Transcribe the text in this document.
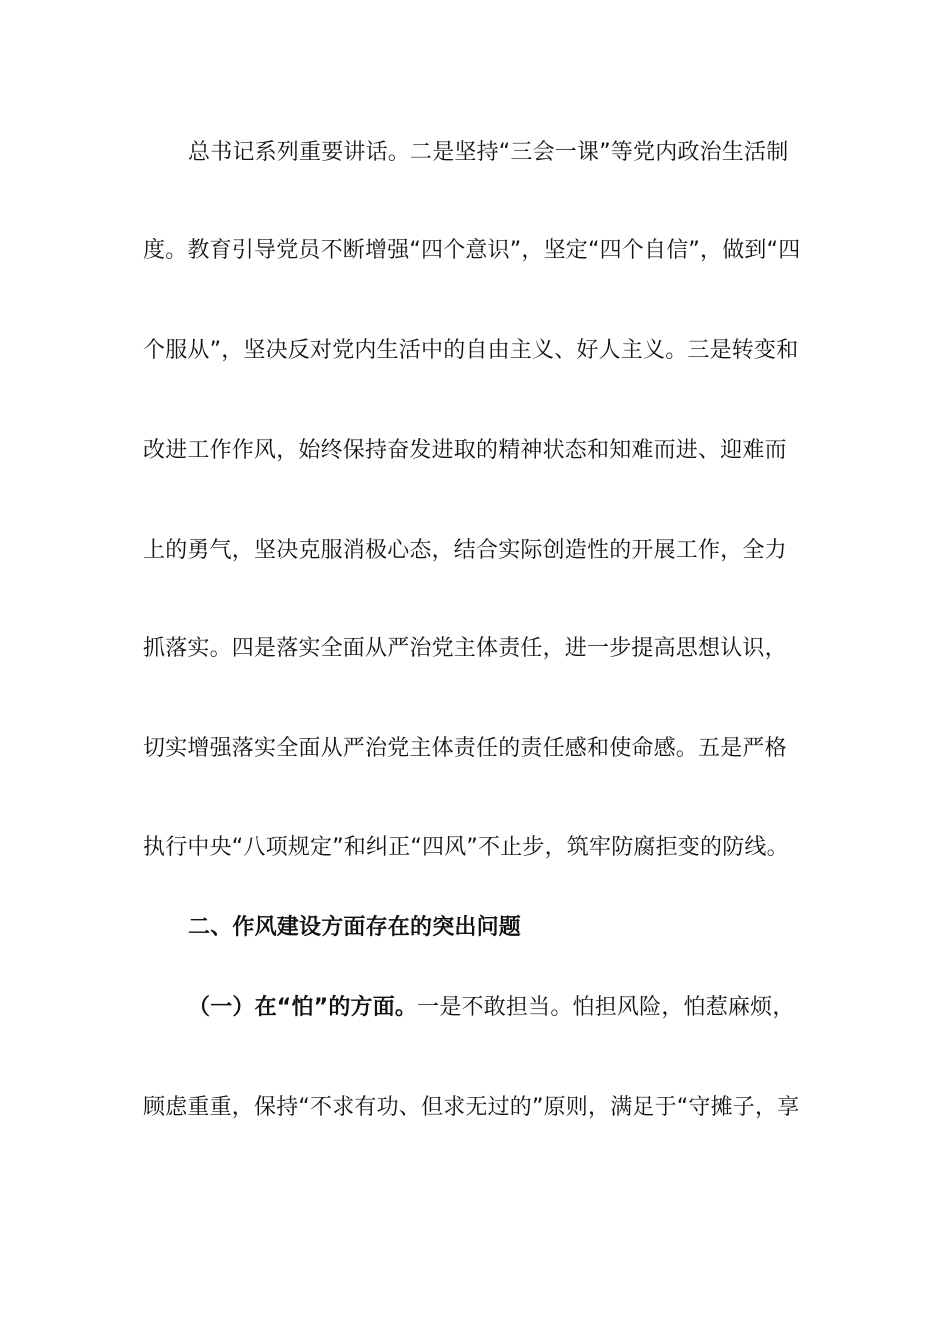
总书记系列重要讲话。二是坚持“三会一课”等党内政治生活制
度。教育引导党员不断增强“四个意识”，坚定“四个自信”，做到“四
个服从”，坚决反对党内生活中的自由主义、好人主义。三是转变和
改进工作作风，始终保持奋发进取的精神状态和知难而进、迎难而
上的勇气，坚决克服消极心态，结合实际创造性的开展工作，全力
抓落实。四是落实全面从严治党主体责任，进一步提高思想认识，
切实增强落实全面从严治党主体责任的责任感和使命感。五是严格
执行中央“八项规定”和纠正“四风”不止步，筑牢防腐拒变的防线。
二、作风建设方面存在的突出问题
（一）在“怕”的方面。一是不敢担当。怕担风险，怕惹麻烦，
顾虑重重，保持“不求有功、但求无过的”原则，满足于“守摊子，享
